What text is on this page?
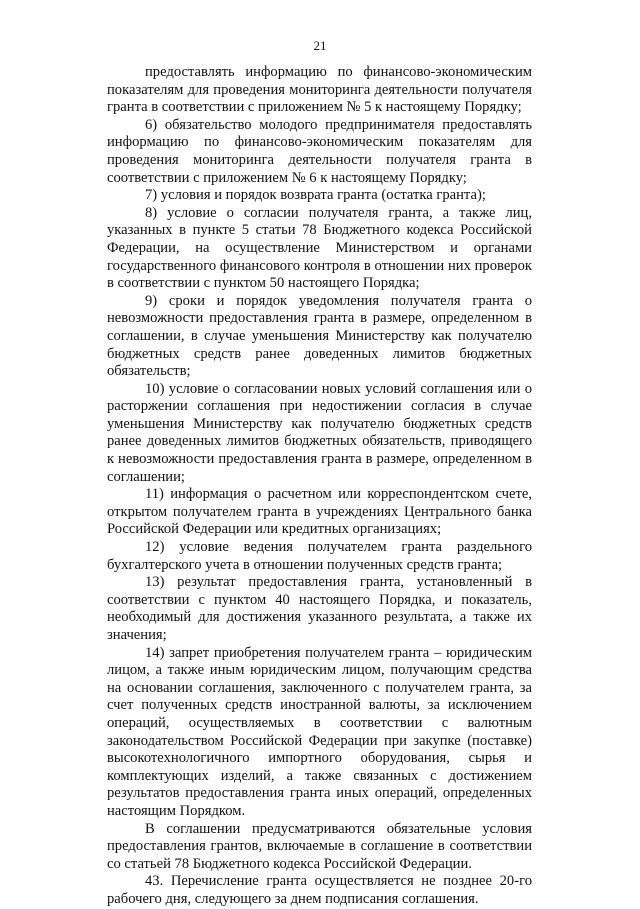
21

предоставлять информацию по финансово-экономическим показателям для проведения мониторинга деятельности получателя гранта в соответствии с приложением № 5 к настоящему Порядку;

6) обязательство молодого предпринимателя предоставлять информацию по финансово-экономическим показателям для проведения мониторинга деятельности получателя гранта в соответствии с приложением № 6 к настоящему Порядку;

7) условия и порядок возврата гранта (остатка гранта);

8) условие о согласии получателя гранта, а также лиц, указанных в пункте 5 статьи 78 Бюджетного кодекса Российской Федерации, на осуществление Министерством и органами государственного финансового контроля в отношении них проверок в соответствии с пунктом 50 настоящего Порядка;

9) сроки и порядок уведомления получателя гранта о невозможности предоставления гранта в размере, определенном в соглашении, в случае уменьшения Министерству как получателю бюджетных средств ранее доведенных лимитов бюджетных обязательств;

10) условие о согласовании новых условий соглашения или о расторжении соглашения при недостижении согласия в случае уменьшения Министерству как получателю бюджетных средств ранее доведенных лимитов бюджетных обязательств, приводящего к невозможности предоставления гранта в размере, определенном в соглашении;

11) информация о расчетном или корреспондентском счете, открытом получателем гранта в учреждениях Центрального банка Российской Федерации или кредитных организациях;

12) условие ведения получателем гранта раздельного бухгалтерского учета в отношении полученных средств гранта;

13) результат предоставления гранта, установленный в соответствии с пунктом 40 настоящего Порядка, и показатель, необходимый для достижения указанного результата, а также их значения;

14) запрет приобретения получателем гранта – юридическим лицом, а также иным юридическим лицом, получающим средства на основании соглашения, заключенного с получателем гранта, за счет полученных средств иностранной валюты, за исключением операций, осуществляемых в соответствии с валютным законодательством Российской Федерации при закупке (поставке) высокотехнологичного импортного оборудования, сырья и комплектующих изделий, а также связанных с достижением результатов предоставления гранта иных операций, определенных настоящим Порядком.

В соглашении предусматриваются обязательные условия предоставления грантов, включаемые в соглашение в соответствии со статьей 78 Бюджетного кодекса Российской Федерации.

43. Перечисление гранта осуществляется не позднее 20-го рабочего дня, следующего за днем подписания соглашения.
